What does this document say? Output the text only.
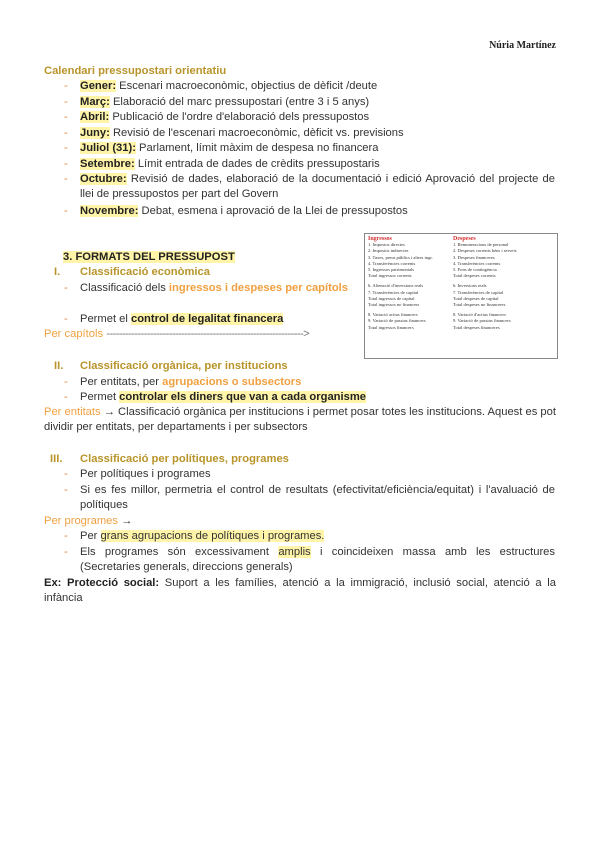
Núria Martínez
Calendari pressupostari orientatiu
- Gener: Escenari macroeconòmic, objectius de dèficit /deute
- Març: Elaboració del marc pressupostari (entre 3 i 5 anys)
- Abril: Publicació de l'ordre d'elaboració dels pressupostos
- Juny: Revisió de l'escenari macroeconòmic, dèficit vs. previsions
- Juliol (31): Parlament, límit màxim de despesa no financera
- Setembre: Límit entrada de dades de crèdits pressupostaris
- Octubre: Revisió de dades, elaboració de la documentació i edició Aprovació del projecte de llei de pressupostos per part del Govern
- Novembre: Debat, esmena i aprovació de la Llei de pressupostos
3. FORMATS DEL PRESSUPOST
I. Classificació econòmica
- Classificació dels ingressos i despeses per capítols
- Permet el control de legalitat financera
Per capítols --------------------------------------------------------------->
Ingressos
1. Impostos directes
2. Impostos indirectes
3. Taxes, preus públics i altres ingr.
4. Transferències corrents
5. Ingressos patrimonials
Total ingressos corrents
6. Alienació d'inversions reals
7. Transferències de capital
Total ingressos de capital
Total ingressos no financers
8. Variació actius financers
9. Variació de passius financers
Total ingressos financers
Despeses
1. Remuneracions de personal
2. Despeses corrents béns i serveis
3. Despeses financeres
4. Transferències corrents
5. Fons de contingència
Total despeses corrents
6. Inversions reals
7. Transferències de capital
Total despeses de capital
Total despeses no financeres
8. Variació d'actius financers
9. Variació de passius financers
Total despeses financeres
II. Classificació orgànica, per institucions
- Per entitats, per agrupacions o subsectors
- Permet controlar els diners que van a cada organisme
Per entitats → Classificació orgànica per institucions i permet posar totes les institucions. Aquest es pot dividir per entitats, per departaments i per subsectors
III. Classificació per polítiques, programes
- Per polítiques i programes
- Si es fes millor, permetria el control de resultats (efectivitat/eficiència/equitat) i l'avaluació de polítiques
Per programes →
- Per grans agrupacions de polítiques i programes.
- Els programes són excessivament amplis i coincideixen massa amb les estructures (Secretaries generals, direccions generals)
Ex: Protecció social: Suport a les famílies, atenció a la immigració, inclusió social, atenció a la infància
